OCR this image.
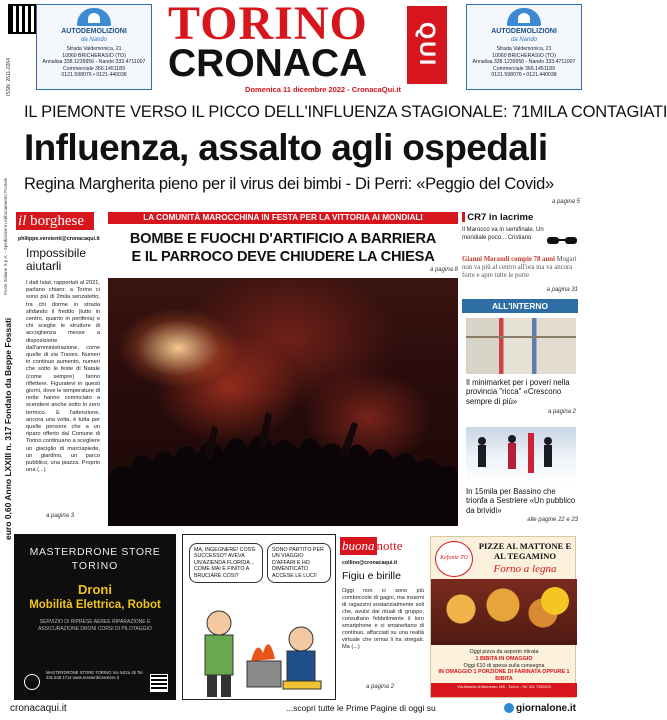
ISSN: 2611-2264
AUTODEMOLIZIONI
da Nando
Strada Valdemonica, 21
10060 BRICHERASIO (TO)
Annalisa 338.1239956 - Nando 333.4711007
Commerciale 366.1451189
0121.598076 • 0121.440038
TORINO
CRONACA	QUI
Domenica 11 dicembre 2022 - CronacaQui.it
AUTODEMOLIZIONI
da Nando
Strada Valdemonica, 21
10060 BRICHERASIO (TO)
Annalisa 338.1239956 - Nando 333.4711007
Commerciale 366.1451189
0121.598076 • 0121.440038
IL PIEMONTE VERSO IL PICCO DELL'INFLUENZA STAGIONALE: 71MILA CONTAGIATI
Influenza, assalto agli ospedali
Regina Margherita pieno per il virus dei bimbi - Di Perri: «Peggio del Covid»
a pagina 5
Poste Italiane S.p.A. - Spedizione in Abbonamento Postale
euro 0,60 Anno LXXIII n. 317 Fondato da Beppe Fossati
il borghese
philippe.versienti@cronacaqui.it
Impossibile aiutarli
I dati Istat, rapportati al 2021, parlano chiaro: a Torino ci sono più di 2mila senzatetto, tra chi dorme in strada sfidando il freddo (tutto in centro, quanto in periferia) e chi sceglie le strutture di accoglienza messe a disposizione dall'amministrazione, come quelle di via Traves. Numeri in continuo aumento, numeri che sotto le feste di Natale (come sempre) fanno riflettere. Figuratevi in questi giorni, dove le temperature di notte hanno cominciato a scendere anche sotto lo zero termico. E l'attenzione, ancora una volta, è tutta per quelle persone che a un riparo offerto dal Comune di Torino continuano a scegliere un giaciglio di marciapiede, un giardino, un parco pubblico, una piazza. Proprio una (...)
a pagina 3
LA COMUNITÀ MAROCCHINA IN FESTA PER LA VITTORIA AI MONDIALI
BOMBE E FUOCHI D'ARTIFICIO A BARRIERA
E IL PARROCO DEVE CHIUDERE LA CHIESA
a pagina 8
CR7 in lacrime
Il Marocco va in semifinale. Un mondiale poco... Cristiano
Gianni Morandi compie 78 anni Mogari non va più al centro all'ora ma va ancora forte e apre tutte le porte
a pagina 31
ALL'INTERNO
Il minimarket per i poveri nella provincia "ricca" «Crescono sempre di più»
a pagina 2
In 15mila per Bassino che trionfa a Sestriere «Un pubblico da brividi»
alle pagine 22 e 23
MASTERDRONE STORE
TORINO
Droni
Mobilità Elettrica, Robot
SERVIZIO DI RIPRESE AEREE RIPARAZIONE E ASSICURAZIONE DRONI CORSI DI PILOTAGGIO
MASTERDRONE STORE TORINO Via Nizza 45 Tel. 331.848.1714 www.masterdronestore.it
MA, INGEGNERE! COS'È SUCCESSO? AVEVA UN'AZIENDA FLORIDA... COME MAI È FINITO A BRUCIARE COSI?
SONO PARTITO PER UN VIAGGIO D'AFFARI E HO DIMENTICATO ACCESE LE LUCI!
buona notte
collino@cronacaqui.it
Figiu e birille
Oggi non ci sono più combriccole di gagni, ma insiemi di ragazzini sostanzialmente soli che, avulsi dai rituali di gruppo, consultano febbrilmente il loro smartphone e ci smanettano di continuo, affacciati su una realtà virtuale che ormai li ha stregati. Ma (...)
a pagina 2
Kefonte TO
PIZZE AL MATTONE E AL TEGAMINO
Forno a legna
Oggi pizza da asporto ritirata
1 BIBITA IN OMAGGIO
Oggi €10 di spesa sulla consegna
IN OMAGGIO 1 PORZIONE DI FARINATA OPPURE 1 BIBITA
Via Antonio di Bernezzo 165 - Torino - Tel. 011 7330003
cronacaqui.it	...scopri tutte le Prime Pagine di oggi su	giornalone.it
